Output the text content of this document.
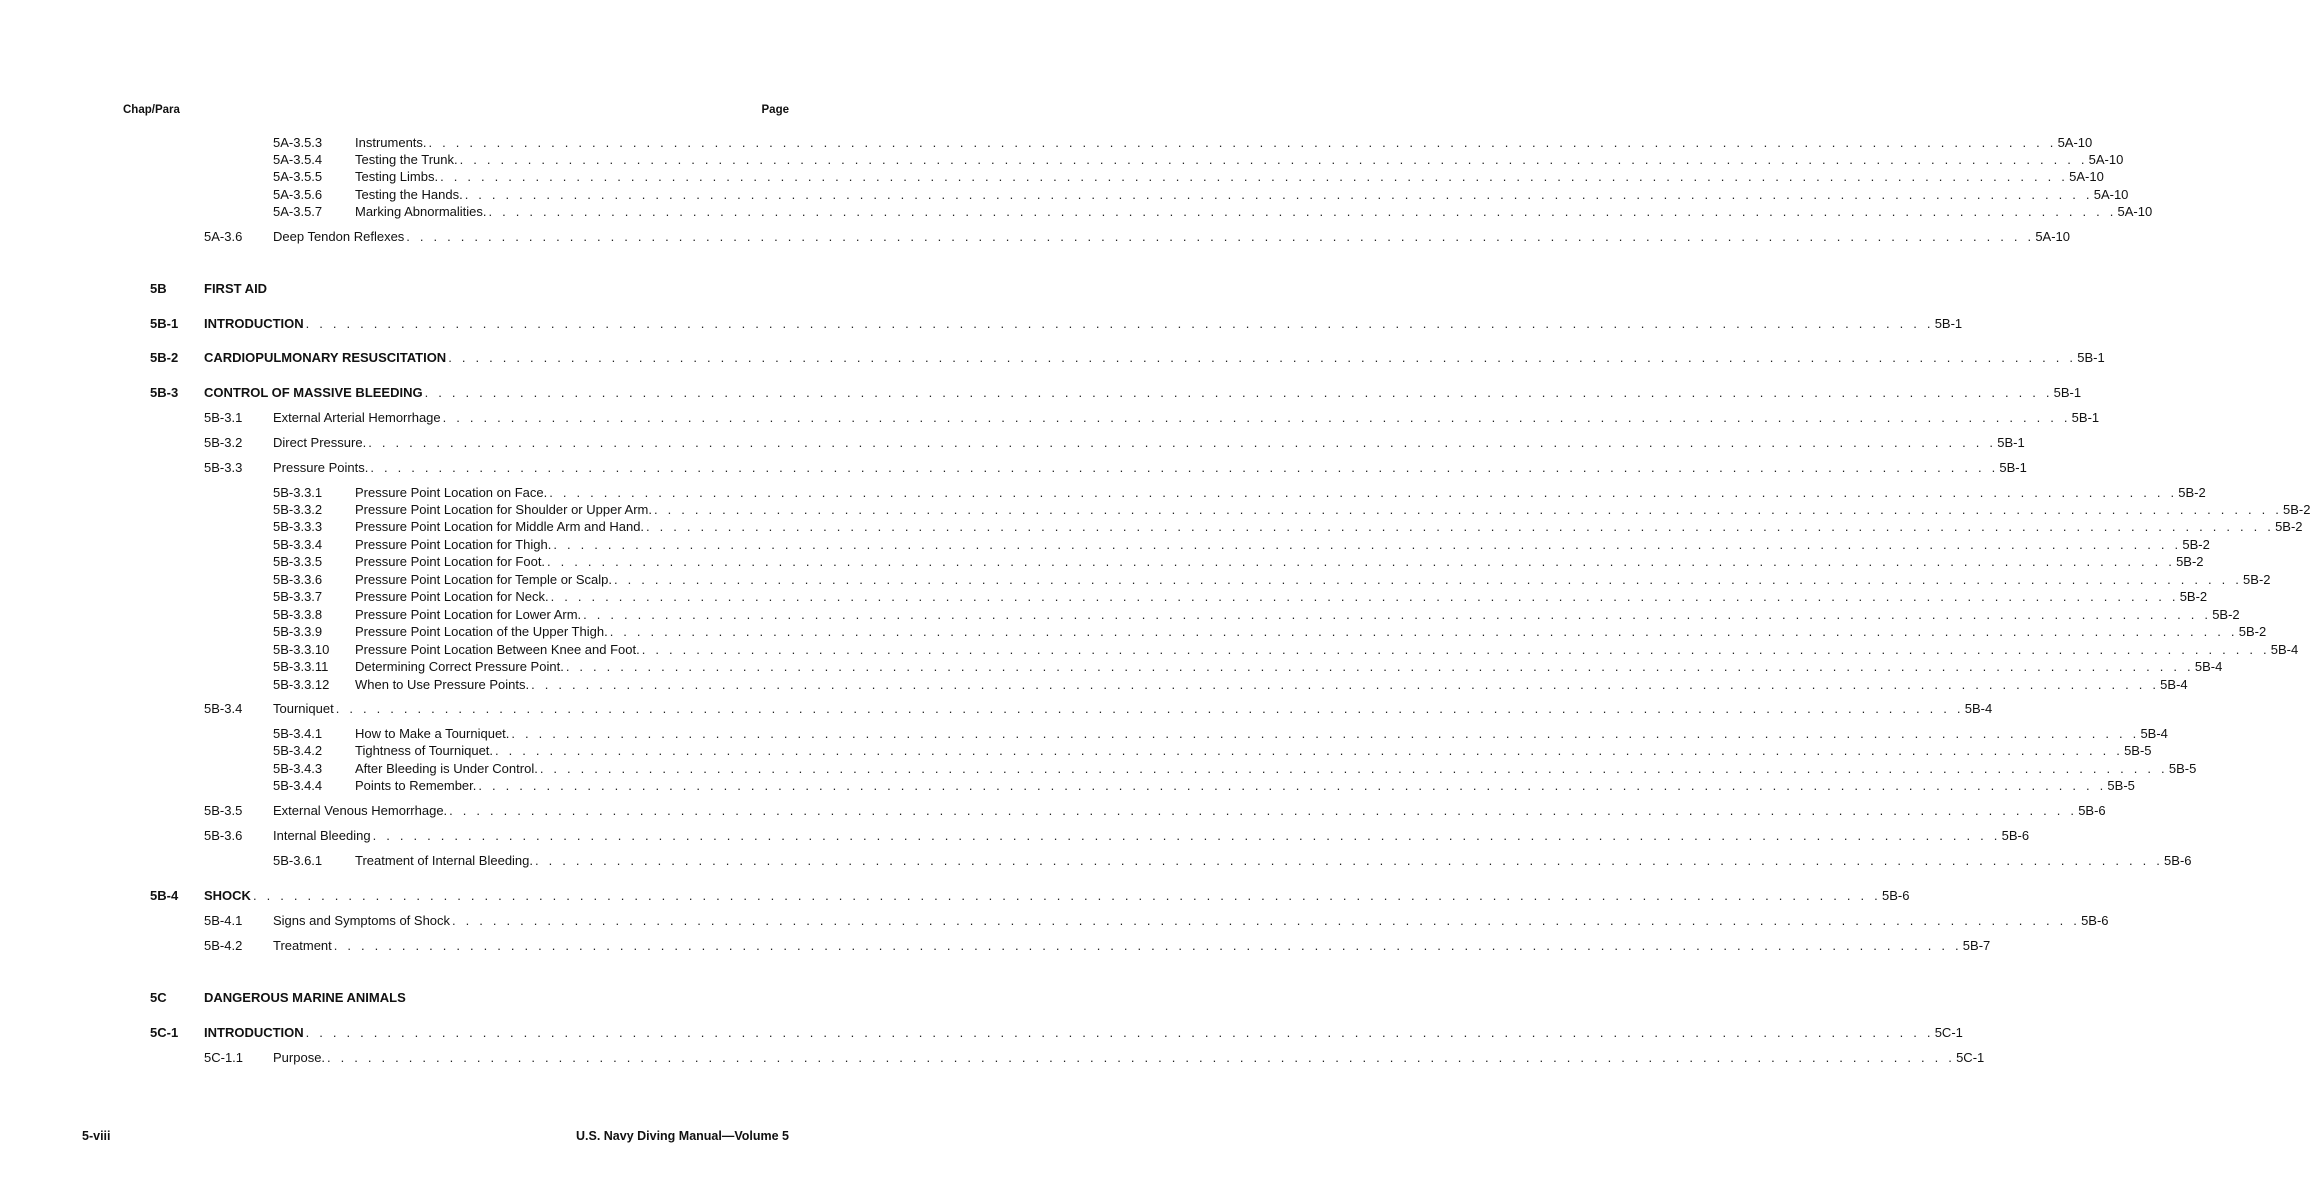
Chap/Para	Page
5A-3.5.3	Instruments. . . . . . . . . . . . . . . . . . . . . . . . . . . . . . . . . . . . . . . . . . . . . . . . . . . . . . . . . . . . . . . . . . . . . . . . . . . . . . . . . . . . . . . . . . . . . . . . . . . . . . . . . . . . . . . . . . . . . . . . . 5A-10
5A-3.5.4	Testing the Trunk. . . . . . . . . . . . . . . . . . . . . . . . . . . . . . . . . . . . . . . . . . . . . . . . . . . . . . . . . . . . . . . . . . . . . . . . . . . . . . . . . . . . . . . . . . . . . . . . . . . . . . . . . . . . . . . . . . . . . . . . . 5A-10
5A-3.5.5	Testing Limbs. . . . . . . . . . . . . . . . . . . . . . . . . . . . . . . . . . . . . . . . . . . . . . . . . . . . . . . . . . . . . . . . . . . . . . . . . . . . . . . . . . . . . . . . . . . . . . . . . . . . . . . . . . . . . . . . . . . . . . . . . 5A-10
5A-3.5.6	Testing the Hands. . . . . . . . . . . . . . . . . . . . . . . . . . . . . . . . . . . . . . . . . . . . . . . . . . . . . . . . . . . . . . . . . . . . . . . . . . . . . . . . . . . . . . . . . . . . . . . . . . . . . . . . . . . . . . . . . . . . . . . . . 5A-10
5A-3.5.7	Marking Abnormalities. . . . . . . . . . . . . . . . . . . . . . . . . . . . . . . . . . . . . . . . . . . . . . . . . . . . . . . . . . . . . . . . . . . . . . . . . . . . . . . . . . . . . . . . . . . . . . . . . . . . . . . . . . . . . . . . . . . . . . . . . 5A-10
5A-3.6 Deep Tendon Reflexes . . . . . . . . . . . . . . . . . . . . . . . . . . . . . . . . . . . . . . . . . . . . . . . . . . . . . . . . . . . . . . . . . . . . . . . . . . . . . . . . . . . . . . . . . . . . . . . . . . . . . . . . . . . . . . . . . . . . . . . . 5A-10
5B	FIRST AID
5B-1 INTRODUCTION . . . . . . . . . . . . . . . . . . . . . . . . . . . . . . . . . . . . . . . . . . . . . . . . . . . . . . . . . . . . . . . . . . . . . . . . . . . . . . . . . . . . . . . . . . . . . . . . . . . . . . . . . . . . . . . . . . . . . . . . 5B-1
5B-2 CARDIOPULMONARY RESUSCITATION . . . . . . . . . . . . . . . . . . . . . . . . . . . . . . . . . . . . . . . . . . . . . . . . . . . . . . . . . . . . . . . . . . . . . . . . . . . . . . . . . . . . . . . . . . . . . . . . . . . . . . . . . . . . . . . . . . . . . . . . 5B-1
5B-3 CONTROL OF MASSIVE BLEEDING . . . . . . . . . . . . . . . . . . . . . . . . . . . . . . . . . . . . . . . . . . . . . . . . . . . . . . . . . . . . . . . . . . . . . . . . . . . . . . . . . . . . . . . . . . . . . . . . . . . . . . . . . . . . . . . . . . . . . . . . 5B-1
5B-3.1 External Arterial Hemorrhage . . . . . . . . . . . . . . . . . . . . . . . . . . . . . . . . . . . . . . . . . . . . . . . . . . . . . . . . . . . . . . . . . . . . . . . . . . . . . . . . . . . . . . . . . . . . . . . . . . . . . . . . . . . . . . . . . . . . . . . . 5B-1
5B-3.2 Direct Pressure. . . . . . . . . . . . . . . . . . . . . . . . . . . . . . . . . . . . . . . . . . . . . . . . . . . . . . . . . . . . . . . . . . . . . . . . . . . . . . . . . . . . . . . . . . . . . . . . . . . . . . . . . . . . . . . . . . . . . . . . . 5B-1
5B-3.3 Pressure Points. . . . . . . . . . . . . . . . . . . . . . . . . . . . . . . . . . . . . . . . . . . . . . . . . . . . . . . . . . . . . . . . . . . . . . . . . . . . . . . . . . . . . . . . . . . . . . . . . . . . . . . . . . . . . . . . . . . . . . . . . 5B-1
5B-3.3.1	Pressure Point Location on Face. . . . . . . . . . . . . . . . . . . . . . . . . . . . . . . . . . . . . . . . . . . . . . . . . . . . . . . . . . . . . . . . . . . . . . . . . . . . . . . . . . . . . . . . . . . . . . . . . . . . . . . . . . . . . . . . . . . . . . . . . 5B-2
5B-3.3.2	Pressure Point Location for Shoulder or Upper Arm. . . . . . . . . . . . . . . . . . . . . . . . . . . . . . . . . . . . . . . . . . . . . . . . . . . . . . . . . . . . . . . . . . . . . . . . . . . . . . . . . . . . . . . . . . . . . . . . . . . . . . . . . . . . . . . . . . . . . . . . . 5B-2
5B-3.3.3	Pressure Point Location for Middle Arm and Hand. . . . . . . . . . . . . . . . . . . . . . . . . . . . . . . . . . . . . . . . . . . . . . . . . . . . . . . . . . . . . . . . . . . . . . . . . . . . . . . . . . . . . . . . . . . . . . . . . . . . . . . . . . . . . . . . . . . . . . . . . 5B-2
5B-3.3.4	Pressure Point Location for Thigh. . . . . . . . . . . . . . . . . . . . . . . . . . . . . . . . . . . . . . . . . . . . . . . . . . . . . . . . . . . . . . . . . . . . . . . . . . . . . . . . . . . . . . . . . . . . . . . . . . . . . . . . . . . . . . . . . . . . . . . . . 5B-2
5B-3.3.5	Pressure Point Location for Foot. . . . . . . . . . . . . . . . . . . . . . . . . . . . . . . . . . . . . . . . . . . . . . . . . . . . . . . . . . . . . . . . . . . . . . . . . . . . . . . . . . . . . . . . . . . . . . . . . . . . . . . . . . . . . . . . . . . . . . . . . 5B-2
5B-3.3.6	Pressure Point Location for Temple or Scalp. . . . . . . . . . . . . . . . . . . . . . . . . . . . . . . . . . . . . . . . . . . . . . . . . . . . . . . . . . . . . . . . . . . . . . . . . . . . . . . . . . . . . . . . . . . . . . . . . . . . . . . . . . . . . . . . . . . . . . . . . 5B-2
5B-3.3.7	Pressure Point Location for Neck. . . . . . . . . . . . . . . . . . . . . . . . . . . . . . . . . . . . . . . . . . . . . . . . . . . . . . . . . . . . . . . . . . . . . . . . . . . . . . . . . . . . . . . . . . . . . . . . . . . . . . . . . . . . . . . . . . . . . . . . . 5B-2
5B-3.3.8	Pressure Point Location for Lower Arm. . . . . . . . . . . . . . . . . . . . . . . . . . . . . . . . . . . . . . . . . . . . . . . . . . . . . . . . . . . . . . . . . . . . . . . . . . . . . . . . . . . . . . . . . . . . . . . . . . . . . . . . . . . . . . . . . . . . . . . . . 5B-2
5B-3.3.9	Pressure Point Location of the Upper Thigh. . . . . . . . . . . . . . . . . . . . . . . . . . . . . . . . . . . . . . . . . . . . . . . . . . . . . . . . . . . . . . . . . . . . . . . . . . . . . . . . . . . . . . . . . . . . . . . . . . . . . . . . . . . . . . . . . . . . . . . . . 5B-2
5B-3.3.10 Pressure Point Location Between Knee and Foot. . . . . . . . . . . . . . . . . . . . . . . . . . . . . . . . . . . . . . . . . . . . . . . . . . . . . . . . . . . . . . . . . . . . . . . . . . . . . . . . . . . . . . . . . . . . . . . . . . . . . . . . . . . . . . . . . . . . . . . . . 5B-4
5B-3.3.11 Determining Correct Pressure Point. . . . . . . . . . . . . . . . . . . . . . . . . . . . . . . . . . . . . . . . . . . . . . . . . . . . . . . . . . . . . . . . . . . . . . . . . . . . . . . . . . . . . . . . . . . . . . . . . . . . . . . . . . . . . . . . . . . . . . . . . 5B-4
5B-3.3.12 When to Use Pressure Points. . . . . . . . . . . . . . . . . . . . . . . . . . . . . . . . . . . . . . . . . . . . . . . . . . . . . . . . . . . . . . . . . . . . . . . . . . . . . . . . . . . . . . . . . . . . . . . . . . . . . . . . . . . . . . . . . . . . . . . . . 5B-4
5B-3.4 Tourniquet . . . . . . . . . . . . . . . . . . . . . . . . . . . . . . . . . . . . . . . . . . . . . . . . . . . . . . . . . . . . . . . . . . . . . . . . . . . . . . . . . . . . . . . . . . . . . . . . . . . . . . . . . . . . . . . . . . . . . . . . 5B-4
5B-3.4.1	How to Make a Tourniquet. . . . . . . . . . . . . . . . . . . . . . . . . . . . . . . . . . . . . . . . . . . . . . . . . . . . . . . . . . . . . . . . . . . . . . . . . . . . . . . . . . . . . . . . . . . . . . . . . . . . . . . . . . . . . . . . . . . . . . . . . 5B-4
5B-3.4.2	Tightness of Tourniquet. . . . . . . . . . . . . . . . . . . . . . . . . . . . . . . . . . . . . . . . . . . . . . . . . . . . . . . . . . . . . . . . . . . . . . . . . . . . . . . . . . . . . . . . . . . . . . . . . . . . . . . . . . . . . . . . . . . . . . . . . 5B-5
5B-3.4.3	After Bleeding is Under Control. . . . . . . . . . . . . . . . . . . . . . . . . . . . . . . . . . . . . . . . . . . . . . . . . . . . . . . . . . . . . . . . . . . . . . . . . . . . . . . . . . . . . . . . . . . . . . . . . . . . . . . . . . . . . . . . . . . . . . . . . 5B-5
5B-3.4.4	Points to Remember. . . . . . . . . . . . . . . . . . . . . . . . . . . . . . . . . . . . . . . . . . . . . . . . . . . . . . . . . . . . . . . . . . . . . . . . . . . . . . . . . . . . . . . . . . . . . . . . . . . . . . . . . . . . . . . . . . . . . . . . . 5B-5
5B-3.5 External Venous Hemorrhage. . . . . . . . . . . . . . . . . . . . . . . . . . . . . . . . . . . . . . . . . . . . . . . . . . . . . . . . . . . . . . . . . . . . . . . . . . . . . . . . . . . . . . . . . . . . . . . . . . . . . . . . . . . . . . . . . . . . . . . . . 5B-6
5B-3.6 Internal Bleeding . . . . . . . . . . . . . . . . . . . . . . . . . . . . . . . . . . . . . . . . . . . . . . . . . . . . . . . . . . . . . . . . . . . . . . . . . . . . . . . . . . . . . . . . . . . . . . . . . . . . . . . . . . . . . . . . . . . . . . . . 5B-6
5B-3.6.1	Treatment of Internal Bleeding. . . . . . . . . . . . . . . . . . . . . . . . . . . . . . . . . . . . . . . . . . . . . . . . . . . . . . . . . . . . . . . . . . . . . . . . . . . . . . . . . . . . . . . . . . . . . . . . . . . . . . . . . . . . . . . . . . . . . . . . . 5B-6
5B-4 SHOCK . . . . . . . . . . . . . . . . . . . . . . . . . . . . . . . . . . . . . . . . . . . . . . . . . . . . . . . . . . . . . . . . . . . . . . . . . . . . . . . . . . . . . . . . . . . . . . . . . . . . . . . . . . . . . . . . . . . . . . . . 5B-6
5B-4.1 Signs and Symptoms of Shock . . . . . . . . . . . . . . . . . . . . . . . . . . . . . . . . . . . . . . . . . . . . . . . . . . . . . . . . . . . . . . . . . . . . . . . . . . . . . . . . . . . . . . . . . . . . . . . . . . . . . . . . . . . . . . . . . . . . . . . . 5B-6
5B-4.2 Treatment . . . . . . . . . . . . . . . . . . . . . . . . . . . . . . . . . . . . . . . . . . . . . . . . . . . . . . . . . . . . . . . . . . . . . . . . . . . . . . . . . . . . . . . . . . . . . . . . . . . . . . . . . . . . . . . . . . . . . . . . 5B-7
5C	DANGEROUS MARINE ANIMALS
5C-1 INTRODUCTION . . . . . . . . . . . . . . . . . . . . . . . . . . . . . . . . . . . . . . . . . . . . . . . . . . . . . . . . . . . . . . . . . . . . . . . . . . . . . . . . . . . . . . . . . . . . . . . . . . . . . . . . . . . . . . . . . . . . . . . . 5C-1
5C-1.1 Purpose. . . . . . . . . . . . . . . . . . . . . . . . . . . . . . . . . . . . . . . . . . . . . . . . . . . . . . . . . . . . . . . . . . . . . . . . . . . . . . . . . . . . . . . . . . . . . . . . . . . . . . . . . . . . . . . . . . . . . . . . . 5C-1
5-viii	U.S. Navy Diving Manual—Volume 5
